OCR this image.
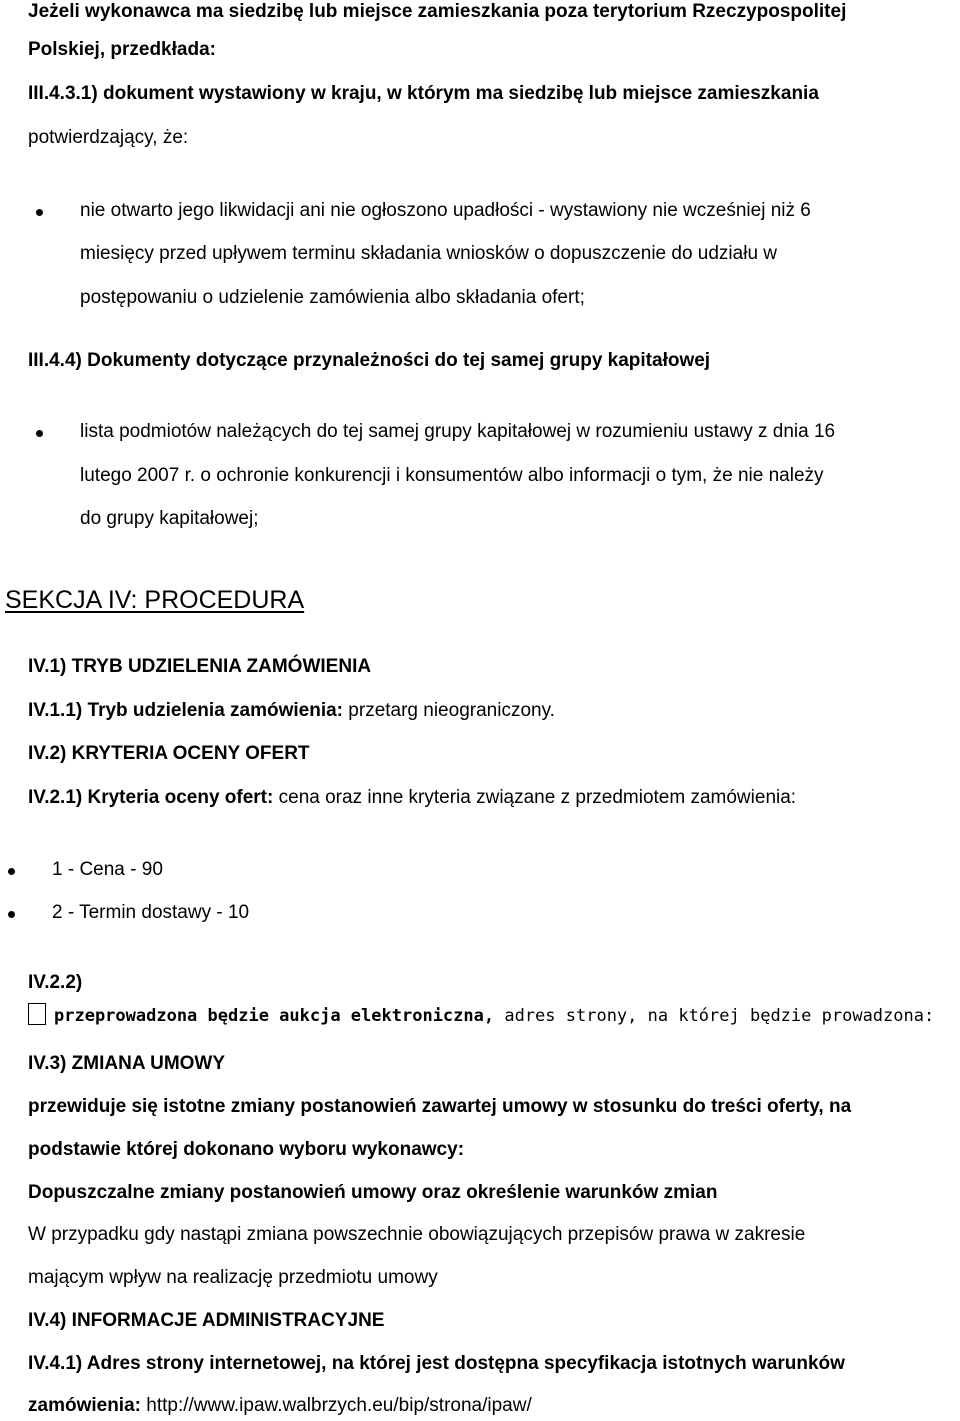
Jeżeli wykonawca ma siedzibę lub miejsce zamieszkania poza terytorium Rzeczypospolitej

Polskiej, przedkłada:

III.4.3.1) dokument wystawiony w kraju, w którym ma siedzibę lub miejsce zamieszkania

potwierdzający, że:

nie otwarto jego likwidacji ani nie ogłoszono upadłości - wystawiony nie wcześniej niż 6

miesięcy przed upływem terminu składania wniosków o dopuszczenie do udziału w

postępowaniu o udzielenie zamówienia albo składania ofert;

III.4.4) Dokumenty dotyczące przynależności do tej samej grupy kapitałowej

lista podmiotów należących do tej samej grupy kapitałowej w rozumieniu ustawy z dnia 16

lutego 2007 r. o ochronie konkurencji i konsumentów albo informacji o tym, że nie należy

do grupy kapitałowej;

SEKCJA IV: PROCEDURA

IV.1) TRYB UDZIELENIA ZAMÓWIENIA

IV.1.1) Tryb udzielenia zamówienia: przetarg nieograniczony.

IV.2) KRYTERIA OCENY OFERT

IV.2.1) Kryteria oceny ofert: cena oraz inne kryteria związane z przedmiotem zamówienia:

1 - Cena - 90

2 - Termin dostawy - 10

IV.2.2)

przeprowadzona będzie aukcja elektroniczna, adres strony, na której będzie prowadzona:

IV.3) ZMIANA UMOWY

przewiduje się istotne zmiany postanowień zawartej umowy w stosunku do treści oferty, na

podstawie której dokonano wyboru wykonawcy:

Dopuszczalne zmiany postanowień umowy oraz określenie warunków zmian

W przypadku gdy nastąpi zmiana powszechnie obowiązujących przepisów prawa w zakresie

mającym wpływ na realizację przedmiotu umowy

IV.4) INFORMACJE ADMINISTRACYJNE

IV.4.1) Adres strony internetowej, na której jest dostępna specyfikacja istotnych warunków

zamówienia: http://www.ipaw.walbrzych.eu/bip/strona/ipaw/
